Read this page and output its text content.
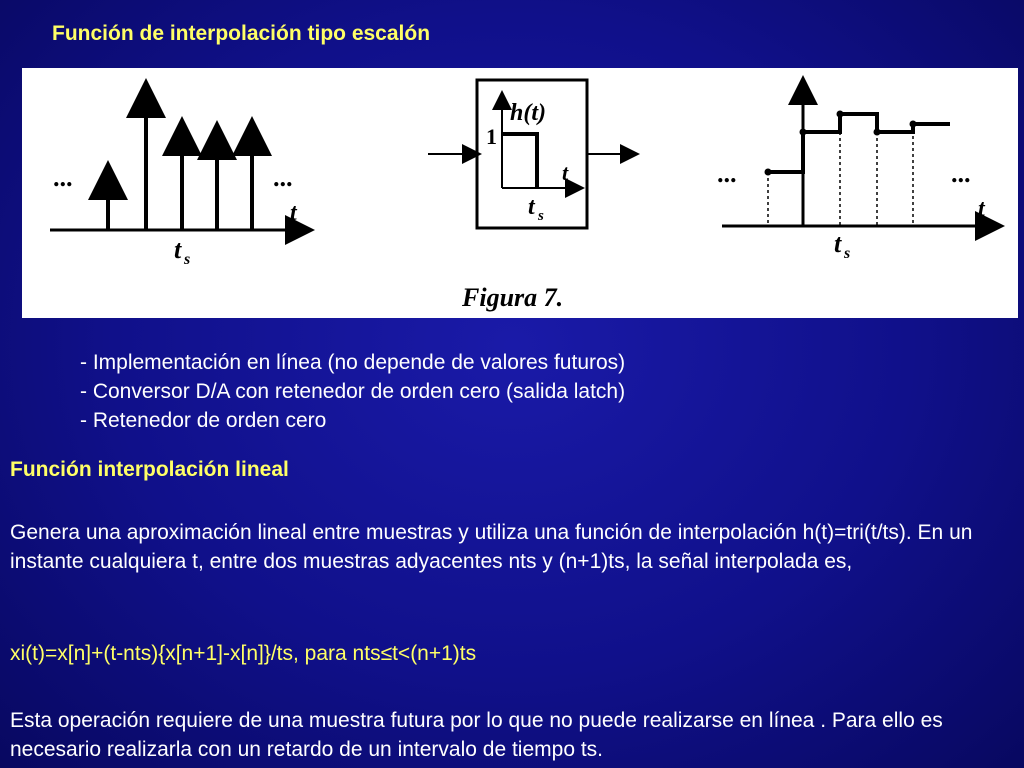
Función de interpolación tipo escalón
...	...
t
t s
h(t)
1
t
t s
...	...
t
t s
Figura 7.
- Implementación en línea (no depende de valores futuros)
- Conversor D/A con retenedor de orden cero (salida latch)
- Retenedor de orden cero
Función interpolación lineal
Genera una aproximación lineal entre muestras y utiliza una función de interpolación h(t)=tri(t/ts). En un instante cualquiera t, entre dos muestras adyacentes nts y (n+1)ts, la señal interpolada es,
xi(t)=x[n]+(t-nts){x[n+1]-x[n]}/ts, para nts≤t<(n+1)ts
Esta operación requiere de una muestra futura por lo que no puede realizarse en línea . Para ello es necesario realizarla con un retardo de un intervalo de tiempo ts.
